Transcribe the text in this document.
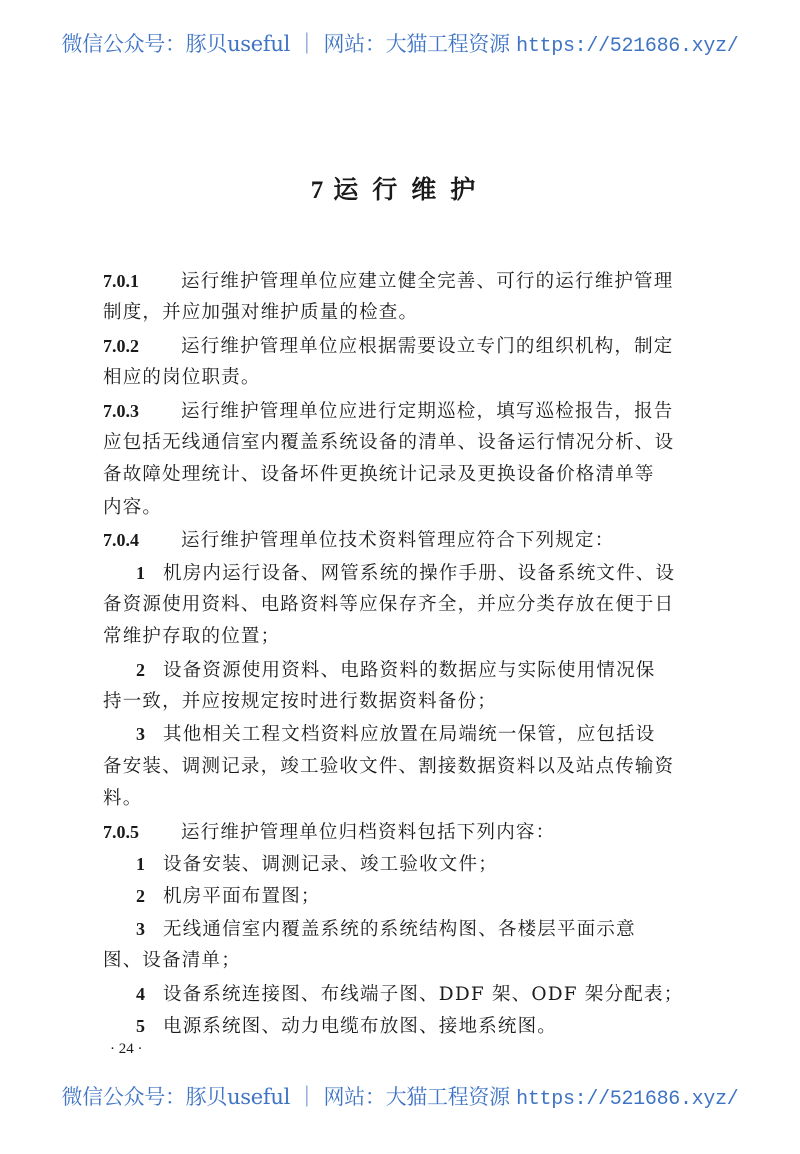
微信公众号：豚贝useful ｜ 网站：大猫工程资源 https://521686.xyz/
7 运行维护
7.0.1 运行维护管理单位应建立健全完善、可行的运行维护管理
制度，并应加强对维护质量的检查。
7.0.2 运行维护管理单位应根据需要设立专门的组织机构，制定
相应的岗位职责。
7.0.3 运行维护管理单位应进行定期巡检，填写巡检报告，报告
应包括无线通信室内覆盖系统设备的清单、设备运行情况分析、设
备故障处理统计、设备坏件更换统计记录及更换设备价格清单等
内容。
7.0.4 运行维护管理单位技术资料管理应符合下列规定：
1 机房内运行设备、网管系统的操作手册、设备系统文件、设
备资源使用资料、电路资料等应保存齐全，并应分类存放在便于日
常维护存取的位置；
2 设备资源使用资料、电路资料的数据应与实际使用情况保
持一致，并应按规定按时进行数据资料备份；
3 其他相关工程文档资料应放置在局端统一保管，应包括设
备安装、调测记录，竣工验收文件、割接数据资料以及站点传输资
料。
7.0.5 运行维护管理单位归档资料包括下列内容：
1 设备安装、调测记录、竣工验收文件；
2 机房平面布置图；
3 无线通信室内覆盖系统的系统结构图、各楼层平面示意
图、设备清单；
4 设备系统连接图、布线端子图、DDF 架、ODF 架分配表；
5 电源系统图、动力电缆布放图、接地系统图。
· 24 ·
微信公众号：豚贝useful ｜ 网站：大猫工程资源 https://521686.xyz/
